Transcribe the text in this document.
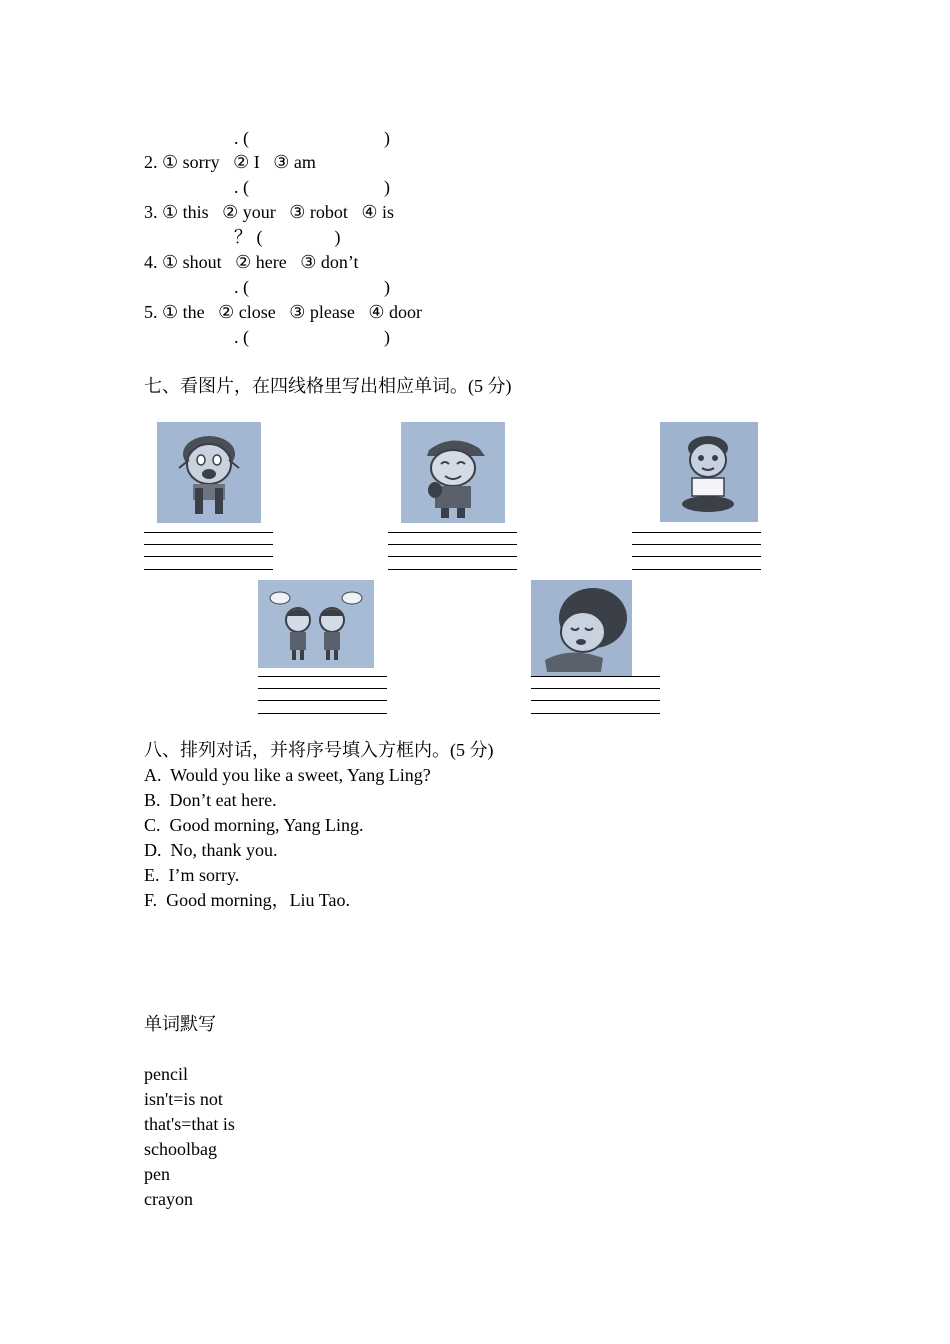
. (                              )
2. ① sorry   ② I   ③ am
. (                              )
3. ① this   ② your   ③ robot   ④ is
？ (                )
4. ① shout   ② here   ③ don’t
. (                              )
5. ① the   ② close   ③ please   ④ door
. (                              )
七、看图片，在四线格里写出相应单词。(5 分)
八、排列对话，并将序号填入方框内。(5 分)
A.  Would you like a sweet, Yang Ling?
B.  Don’t eat here.
C.  Good morning, Yang Ling.
D.  No, thank you.
E.  I’m sorry.
F.  Good morning，Liu Tao.
单词默写
pencil
isn't=is not
that's=that is
schoolbag
pen
crayon
